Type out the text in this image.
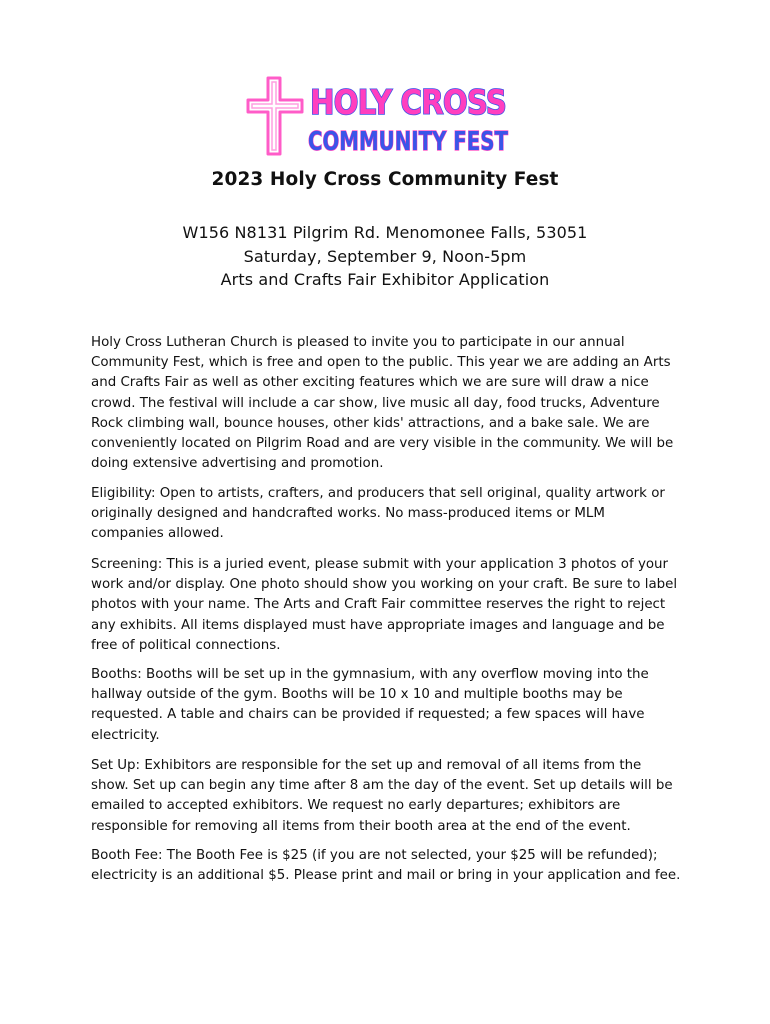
HOLY CROSS
COMMUNITY FEST
2023 Holy Cross Community Fest
W156 N8131 Pilgrim Rd. Menomonee Falls, 53051
Saturday, September 9, Noon-5pm
Arts and Crafts Fair Exhibitor Application

Holy Cross Lutheran Church is pleased to invite you to participate in our annual Community Fest, which is free and open to the public. This year we are adding an Arts and Crafts Fair as well as other exciting features which we are sure will draw a nice crowd. The festival will include a car show, live music all day, food trucks, Adventure Rock climbing wall, bounce houses, other kids' attractions, and a bake sale. We are conveniently located on Pilgrim Road and are very visible in the community. We will be doing extensive advertising and promotion.

Eligibility: Open to artists, crafters, and producers that sell original, quality artwork or originally designed and handcrafted works. No mass-produced items or MLM companies allowed.

Screening: This is a juried event, please submit with your application 3 photos of your work and/or display. One photo should show you working on your craft. Be sure to label photos with your name. The Arts and Craft Fair committee reserves the right to reject any exhibits. All items displayed must have appropriate images and language and be free of political connections.

Booths: Booths will be set up in the gymnasium, with any overflow moving into the hallway outside of the gym. Booths will be 10 x 10 and multiple booths may be requested. A table and chairs can be provided if requested; a few spaces will have electricity.

Set Up: Exhibitors are responsible for the set up and removal of all items from the show. Set up can begin any time after 8 am the day of the event. Set up details will be emailed to accepted exhibitors. We request no early departures; exhibitors are responsible for removing all items from their booth area at the end of the event.

Booth Fee: The Booth Fee is $25 (if you are not selected, your $25 will be refunded); electricity is an additional $5. Please print and mail or bring in your application and fee.
